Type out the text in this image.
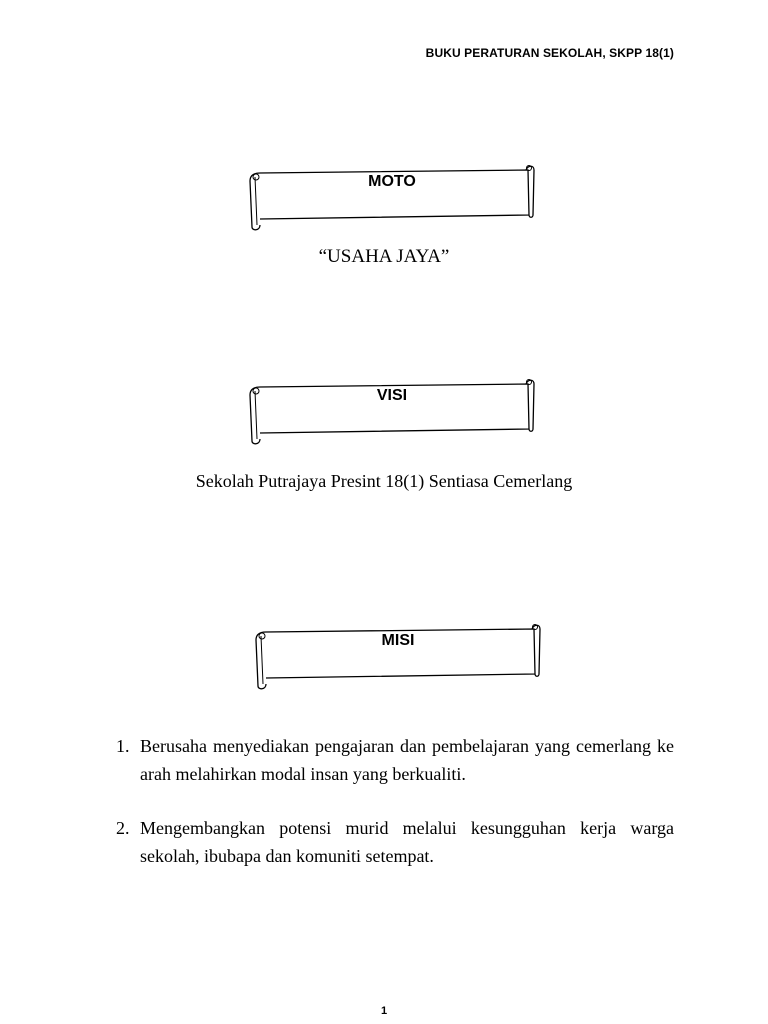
BUKU PERATURAN SEKOLAH, SKPP 18(1)
MOTO
“USAHA JAYA”
VISI
Sekolah Putrajaya Presint 18(1) Sentiasa Cemerlang
MISI
1. Berusaha menyediakan pengajaran dan pembelajaran yang cemerlang ke arah melahirkan modal insan yang berkualiti.
2. Mengembangkan potensi murid melalui kesungguhan kerja warga sekolah, ibubapa dan komuniti setempat.
1
